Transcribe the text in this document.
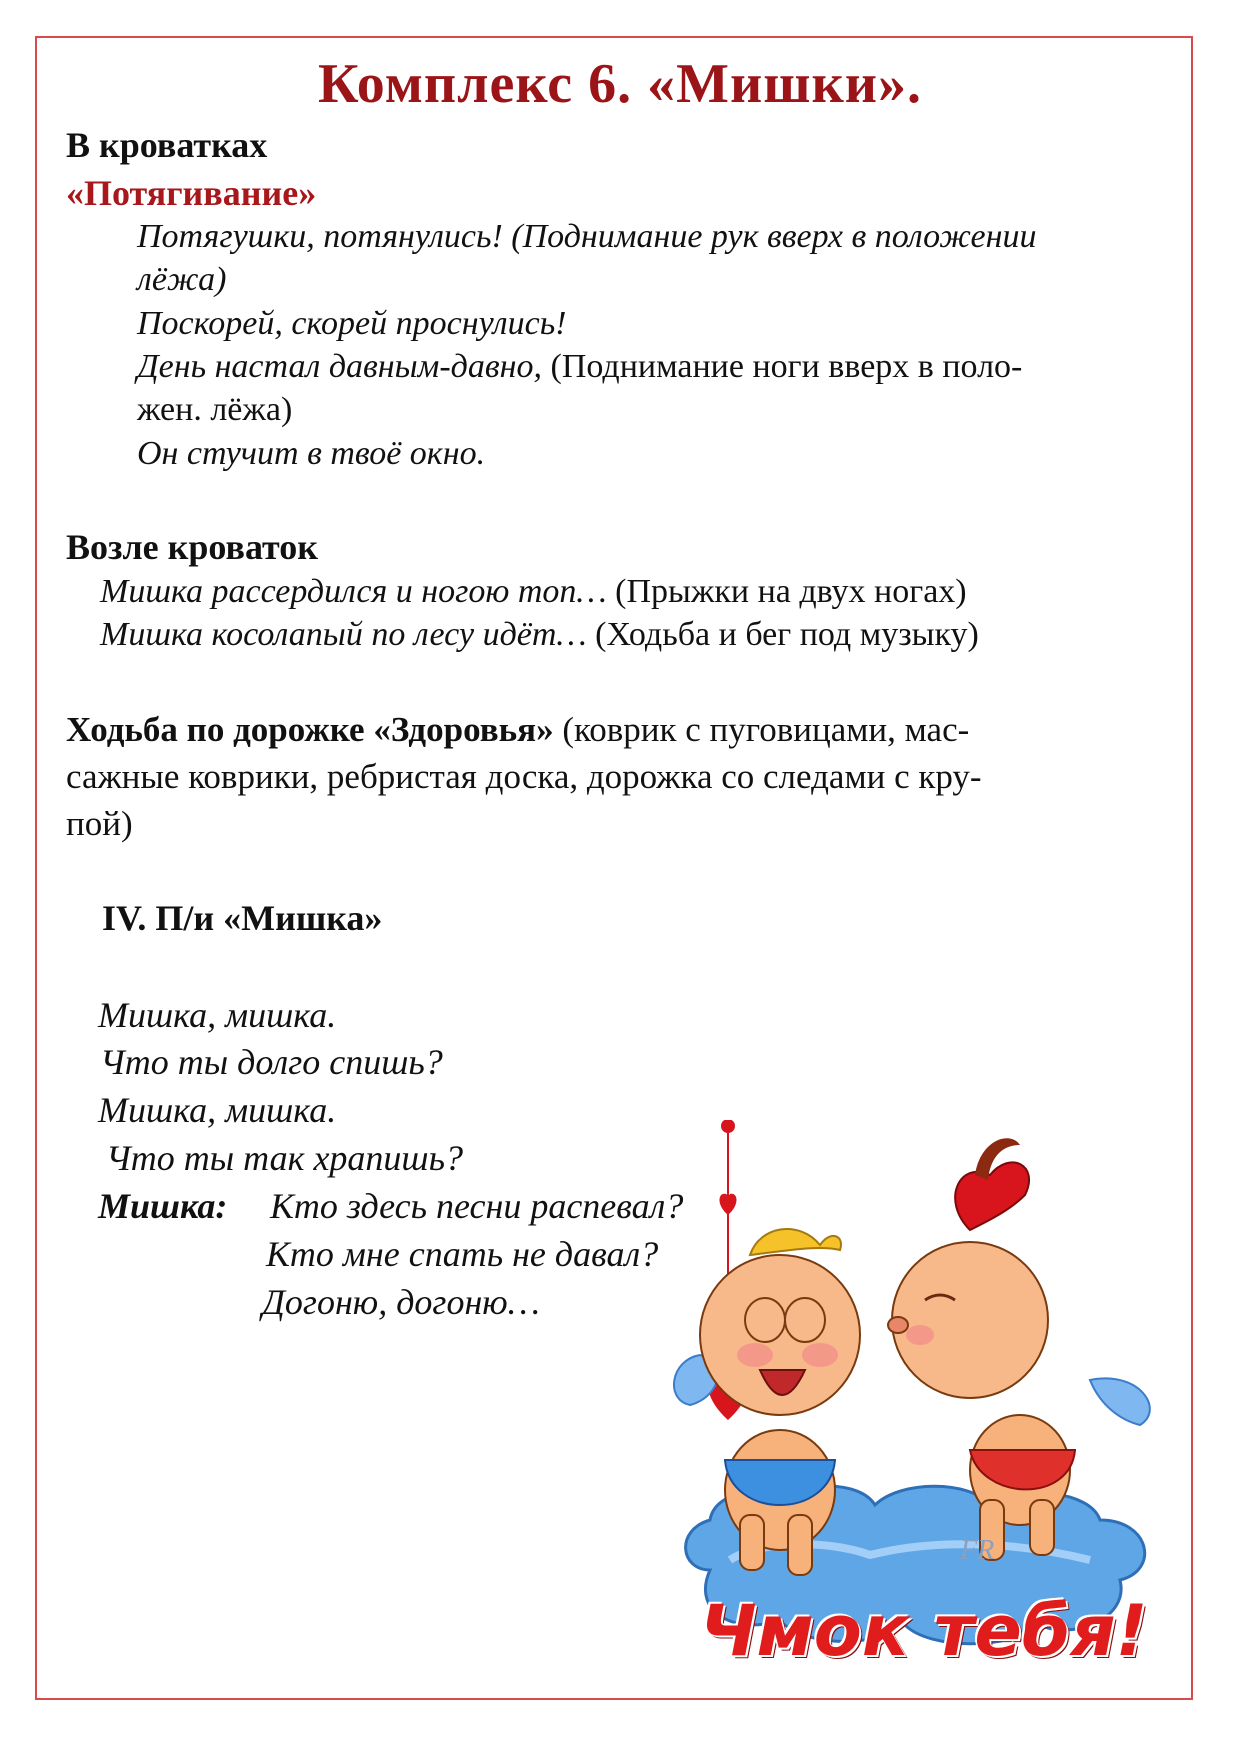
Комплекс 6. «Мишки».

В кроватках

«Потягивание»

Потягушки, потянулись! (Поднимание рук вверх в положении

лёжа)

Поскорей, скорей проснулись!

День настал давным-давно, (Поднимание ноги вверх в поло-

жен. лёжа)

Он стучит в твоё окно.

Возле кроваток

Мишка рассердился и ногою топ… (Прыжки на двух ногах)

Мишка косолапый по лесу идёт… (Ходьба и бег под музыку)

Ходьба по дорожке «Здоровья» (коврик с пуговицами, мас-

сажные коврики, ребристая доска, дорожка со следами с кру-

пой)

IV. П/и «Мишка»

Мишка, мишка.

Что ты долго спишь?

Мишка, мишка.

Что ты так храпишь?

Мишка: Кто здесь песни распевал?

Кто мне спать не давал?

Догоню, догоню…

FR
Чмок тебя!
